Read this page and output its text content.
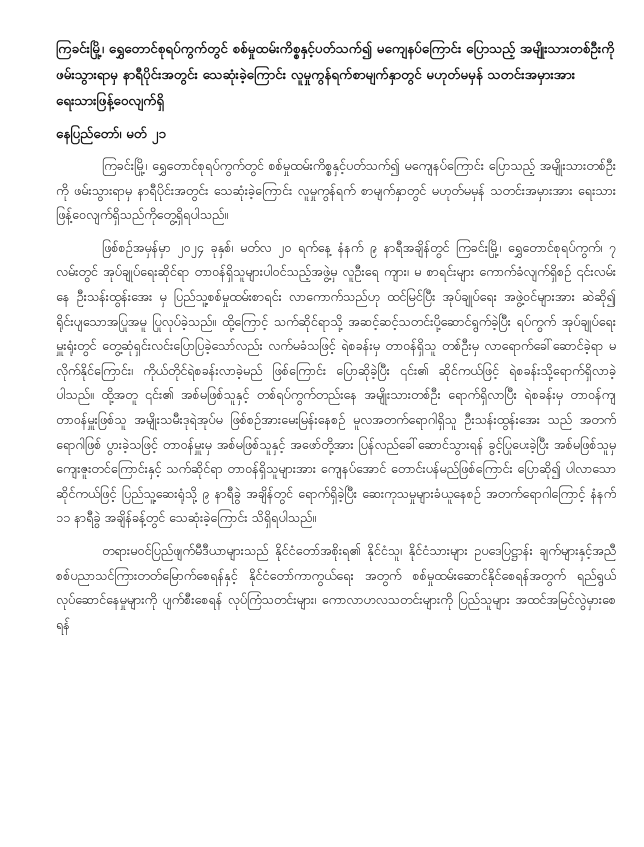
ကြခင်းမြို့၊ ရွှေတောင်စုရပ်ကွက်တွင် စစ်မှုထမ်းကိစ္စနှင့်ပတ်သက်၍ မကျေနပ်ကြောင်း ပြောသည့် အမျိုးသားတစ်ဦးကို ဖမ်းသွားရာမှ နာရီပိုင်းအတွင်း သေဆုံးခဲ့ကြောင်း လူမှုကွန်ရက်စာမျက်နှာတွင် မဟုတ်မမှန် သတင်းအမှားအား ရေးသားဖြန့်ဝေလျက်ရှိ
နေပြည်တော်၊ မတ် ၂၁
ကြခင်းမြို့၊ ရွှေတောင်စုရပ်ကွက်တွင် စစ်မှုထမ်းကိစ္စနှင့်ပတ်သက်၍ မကျေနပ်ကြောင်း ပြောသည့် အမျိုးသားတစ်ဦးကို ဖမ်းသွားရာမှ နာရီပိုင်းအတွင်း သေဆုံးခဲ့ကြောင်း လူမှုကွန်ရက် စာမျက်နှာတွင် မဟုတ်မမှန် သတင်းအမှားအား ရေးသား ဖြန့်ဝေလျက်ရှိသည်ကိုတွေ့ရှိရပါသည်။
ဖြစ်စဉ်အမှန်မှာ ၂၀၂၄ ခုနှစ်၊ မတ်လ ၂၀ ရက်နေ့ နံနက် ၉ နာရီအချိန်တွင် ကြခင်းမြို့၊ ရွှေတောင်စုရပ်ကွက်၊ ၇ လမ်းတွင် အုပ်ချုပ်ရေးဆိုင်ရာ တာဝန်ရှိသူများပါဝင်သည့်အဖွဲ့မှ လူဦးရေ ကျား၊ မ စာရင်းများ ကောက်ခံလျက်ရှိစဉ် ၎င်းလမ်းနေ ဦးသန်းထွန်းအေး မှ ပြည်သူ့စစ်မှုထမ်းစာရင်း လာကောက်သည်ဟု ထင်မြင်ပြီး အုပ်ချုပ်ရေး အဖွဲ့ဝင်များအား ဆဲဆို၍ ရိုင်းပျသောအပြုအမူ ပြုလုပ်ခဲ့သည်။ ထို့ကြောင့် သက်ဆိုင်ရာသို့ အဆင့်ဆင့်သတင်းပို့ဆောင်ရွက်ခဲ့ပြီး ရပ်ကွက် အုပ်ချုပ်ရေးမှူးရုံးတွင် တွေ့ဆုံရှင်းလင်းပြောပြခဲ့သော်လည်း လက်မခံသဖြင့် ရဲစခန်းမှ တာဝန်ရှိသူ တစ်ဦးမှ လာရောက်ခေါ်ဆောင်ခဲ့ရာ မလိုက်နိုင်ကြောင်း၊ ကိုယ်တိုင်ရဲစခန်းလာခဲ့မည် ဖြစ်ကြောင်း ပြောဆိုခဲ့ပြီး ၎င်း၏ ဆိုင်ကယ်ဖြင့် ရဲစခန်းသို့ရောက်ရှိလာခဲ့ပါသည်။ ထို့အတူ ၎င်း၏ အစ်မဖြစ်သူနှင့် တစ်ရပ်ကွက်တည်းနေ အမျိုးသားတစ်ဦး ရောက်ရှိလာပြီး ရဲစခန်းမှ တာဝန်ကျ တာဝန်မှူးဖြစ်သူ အမျိုးသမီးဒုရဲအုပ်မ ဖြစ်စဉ်အားမေးမြန်းနေစဉ် မူလအတက်ရောဂါရှိသူ ဦးသန်းထွန်းအေး သည် အတက်ရောဂါဖြစ် ပွားခဲ့သဖြင့် တာဝန်မှူးမှ အစ်မဖြစ်သူနှင့် အဖော်တို့အား ပြန်လည်ခေါ်ဆောင်သွားရန် ခွင့်ပြုပေးခဲ့ပြီး အစ်မဖြစ်သူမှ ကျေးဇူးတင်ကြောင်းနှင့် သက်ဆိုင်ရာ တာဝန်ရှိသူများအား ကျေနပ်အောင် တောင်းပန်မည်ဖြစ်ကြောင်း ပြောဆို၍ ပါလာသော ဆိုင်ကယ်ဖြင့် ပြည်သူ့ဆေးရုံသို့ ၉ နာရီခွဲ အချိန်တွင် ရောက်ရှိခဲ့ပြီး ဆေးကုသမှုများခံယူနေစဉ် အတက်ရောဂါကြောင့် နံနက် ၁၁ နာရီခွဲ အချိန်ခန့်တွင် သေဆုံးခဲ့ကြောင်း သိရှိရပါသည်။
တရားမဝင်ပြည်ဖျက်မီဒီယာများသည် နိုင်ငံတော်အစိုးရ၏ နိုင်ငံသူ၊ နိုင်ငံသားများ ဥပဒေပြဋ္ဌာန်း ချက်များနှင့်အညီ စစ်ပညာသင်ကြားတတ်မြောက်စေရန်နှင့် နိုင်ငံတော်ကာကွယ်ရေး အတွက် စစ်မှုထမ်းဆောင်နိုင်စေရန်အတွက် ရည်ရွယ်လုပ်ဆောင်နေမှုများကို ပျက်စီးစေရန် လုပ်ကြံသတင်းများ၊ ကောလာဟလသတင်းများကို ပြည်သူများ အထင်အမြင်လွဲမှားစေရန်
